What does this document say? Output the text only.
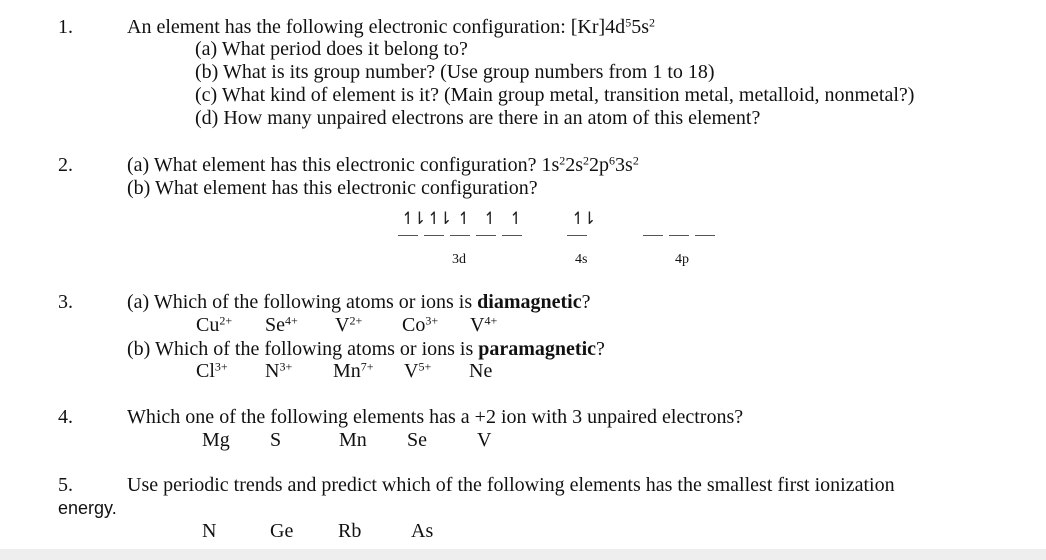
1.	An element has the following electronic configuration: $[Kr]4d^55s^2$
(a) What period does it belong to?
(b) What is its group number? (Use group numbers from 1 to 18)
(c) What kind of element is it? (Main group metal, transition metal, metalloid, nonmetal?)
(d) How many unpaired electrons are there in an atom of this element?
2.	(a) What element has this electronic configuration? $1s^22s^22p^63s^2$
(b) What element has this electronic configuration?
↿⇂ ↿⇂ ↿ ↿ ↿	↿⇂
3d	4s	4p
3.	(a) Which of the following atoms or ions is diamagnetic?
$Cu^{2+}$ $Se^{4+}$ $V^{2+}$ $Co^{3+}$ $V^{4+}$
(b) Which of the following atoms or ions is paramagnetic?
$Cl^{3+}$ $N^{3+}$ $Mn^{7+}$ $V^{5+}$ Ne
4.	Which one of the following elements has a +2 ion with 3 unpaired electrons?
Mg S	Mn Se	V
5.	Use periodic trends and predict which of the following elements has the smallest first ionization
energy.
N	Ge Rb As
